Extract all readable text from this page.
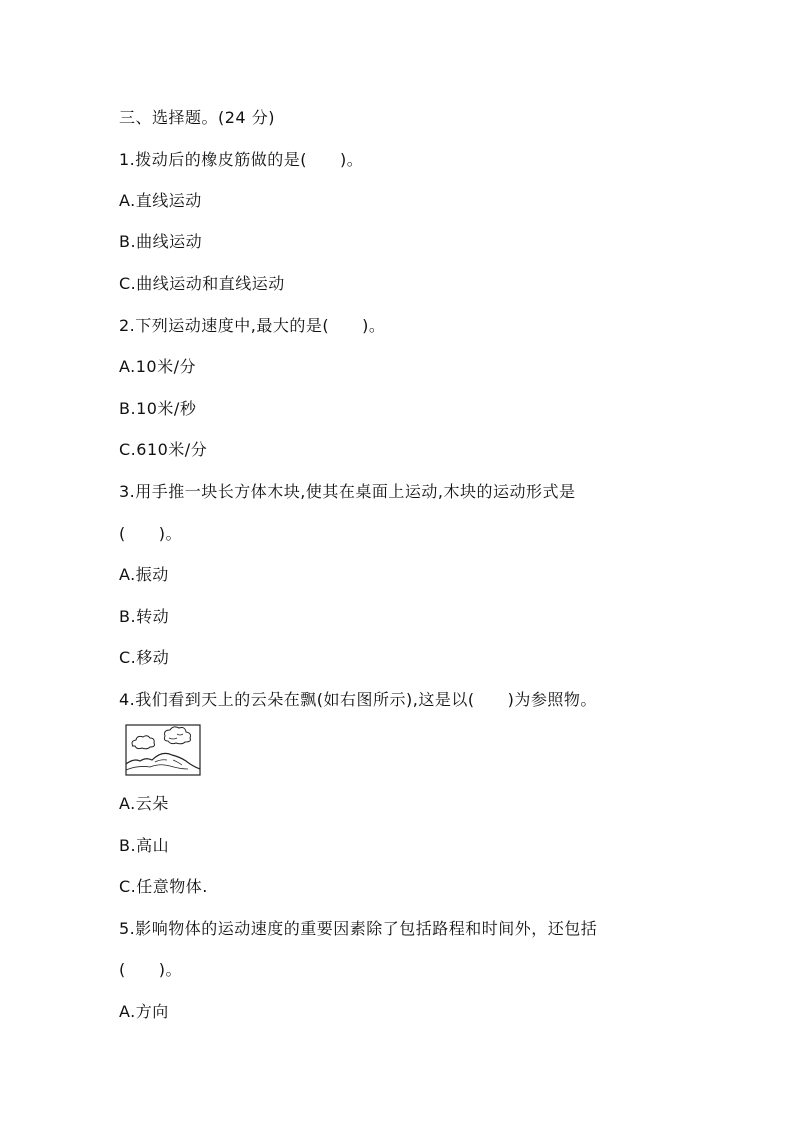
三、选择题。(24 分)
1.拨动后的橡皮筋做的是(　　)。
A.直线运动
B.曲线运动
C.曲线运动和直线运动
2.下列运动速度中,最大的是(　　)。
A.10米/分
B.10米/秒
C.610米/分
3.用手推一块长方体木块,使其在桌面上运动,木块的运动形式是
(　　)。
A.振动
B.转动
C.移动
4.我们看到天上的云朵在飘(如右图所示),这是以(　　)为参照物。
A.云朵
B.高山
C.任意物体.
5.影响物体的运动速度的重要因素除了包括路程和时间外，还包括
(　　)。
A.方向
